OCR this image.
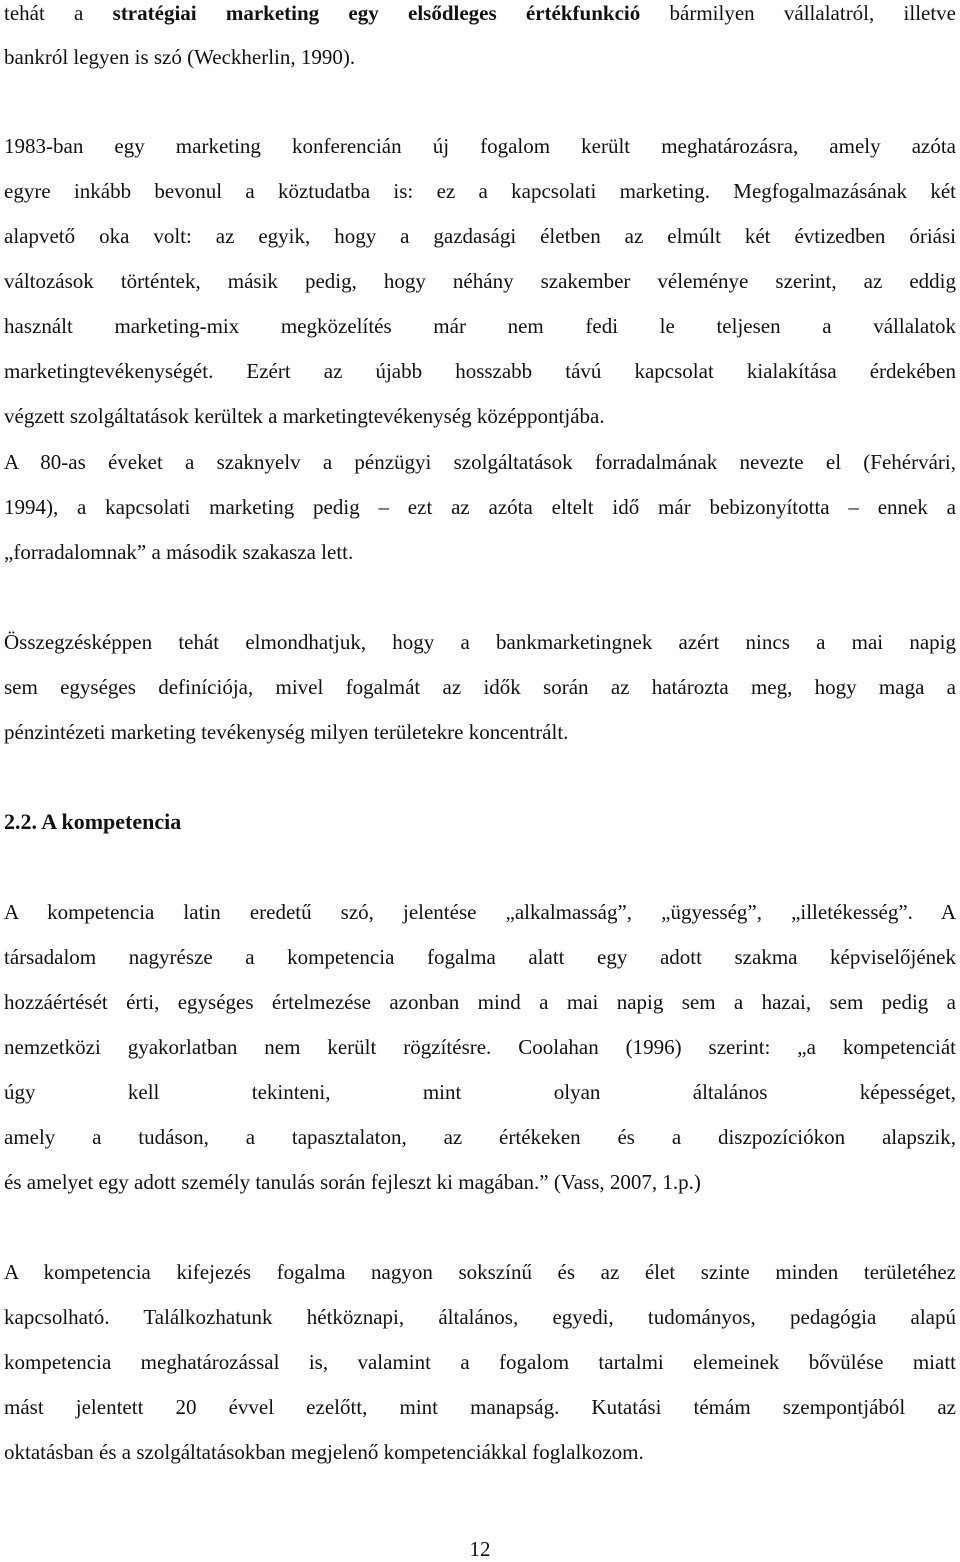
tehát a stratégiai marketing egy elsődleges értékfunkció bármilyen vállalatról, illetve
bankról legyen is szó (Weckherlin, 1990).
1983-ban egy marketing konferencián új fogalom került meghatározásra, amely azóta
egyre inkább bevonul a köztudatba is: ez a kapcsolati marketing. Megfogalmazásának két
alapvető oka volt: az egyik, hogy a gazdasági életben az elmúlt két évtizedben óriási
változások történtek, másik pedig, hogy néhány szakember véleménye szerint, az eddig
használt marketing-mix megközelítés már nem fedi le teljesen a vállalatok
marketingtevékenységét. Ezért az újabb hosszabb távú kapcsolat kialakítása érdekében
végzett szolgáltatások kerültek a marketingtevékenység középpontjába.
A 80-as éveket a szaknyelv a pénzügyi szolgáltatások forradalmának nevezte el (Fehérvári,
1994), a kapcsolati marketing pedig – ezt az azóta eltelt idő már bebizonyította – ennek a
„forradalomnak” a második szakasza lett.
Összegzésképpen tehát elmondhatjuk, hogy a bankmarketingnek azért nincs a mai napig
sem egységes definíciója, mivel fogalmát az idők során az határozta meg, hogy maga a
pénzintézeti marketing tevékenység milyen területekre koncentrált.
2.2. A kompetencia
A kompetencia latin eredetű szó, jelentése „alkalmasság”, „ügyesség”, „illetékesség”. A
társadalom nagyrésze a kompetencia fogalma alatt egy adott szakma képviselőjének
hozzáértését érti, egységes értelmezése azonban mind a mai napig sem a hazai, sem pedig a
nemzetközi gyakorlatban nem került rögzítésre. Coolahan (1996) szerint: „a kompetenciát
úgy kell tekinteni, mint olyan általános képességet,
amely a tudáson, a tapasztalaton, az értékeken és a diszpozíciókon alapszik,
és amelyet egy adott személy tanulás során fejleszt ki magában.” (Vass, 2007, 1.p.)
A kompetencia kifejezés fogalma nagyon sokszínű és az élet szinte minden területéhez
kapcsolható. Találkozhatunk hétköznapi, általános, egyedi, tudományos, pedagógia alapú
kompetencia meghatározással is, valamint a fogalom tartalmi elemeinek bővülése miatt
mást jelentett 20 évvel ezelőtt, mint manapság. Kutatási témám szempontjából az
oktatásban és a szolgáltatásokban megjelenő kompetenciákkal foglalkozom.
12
